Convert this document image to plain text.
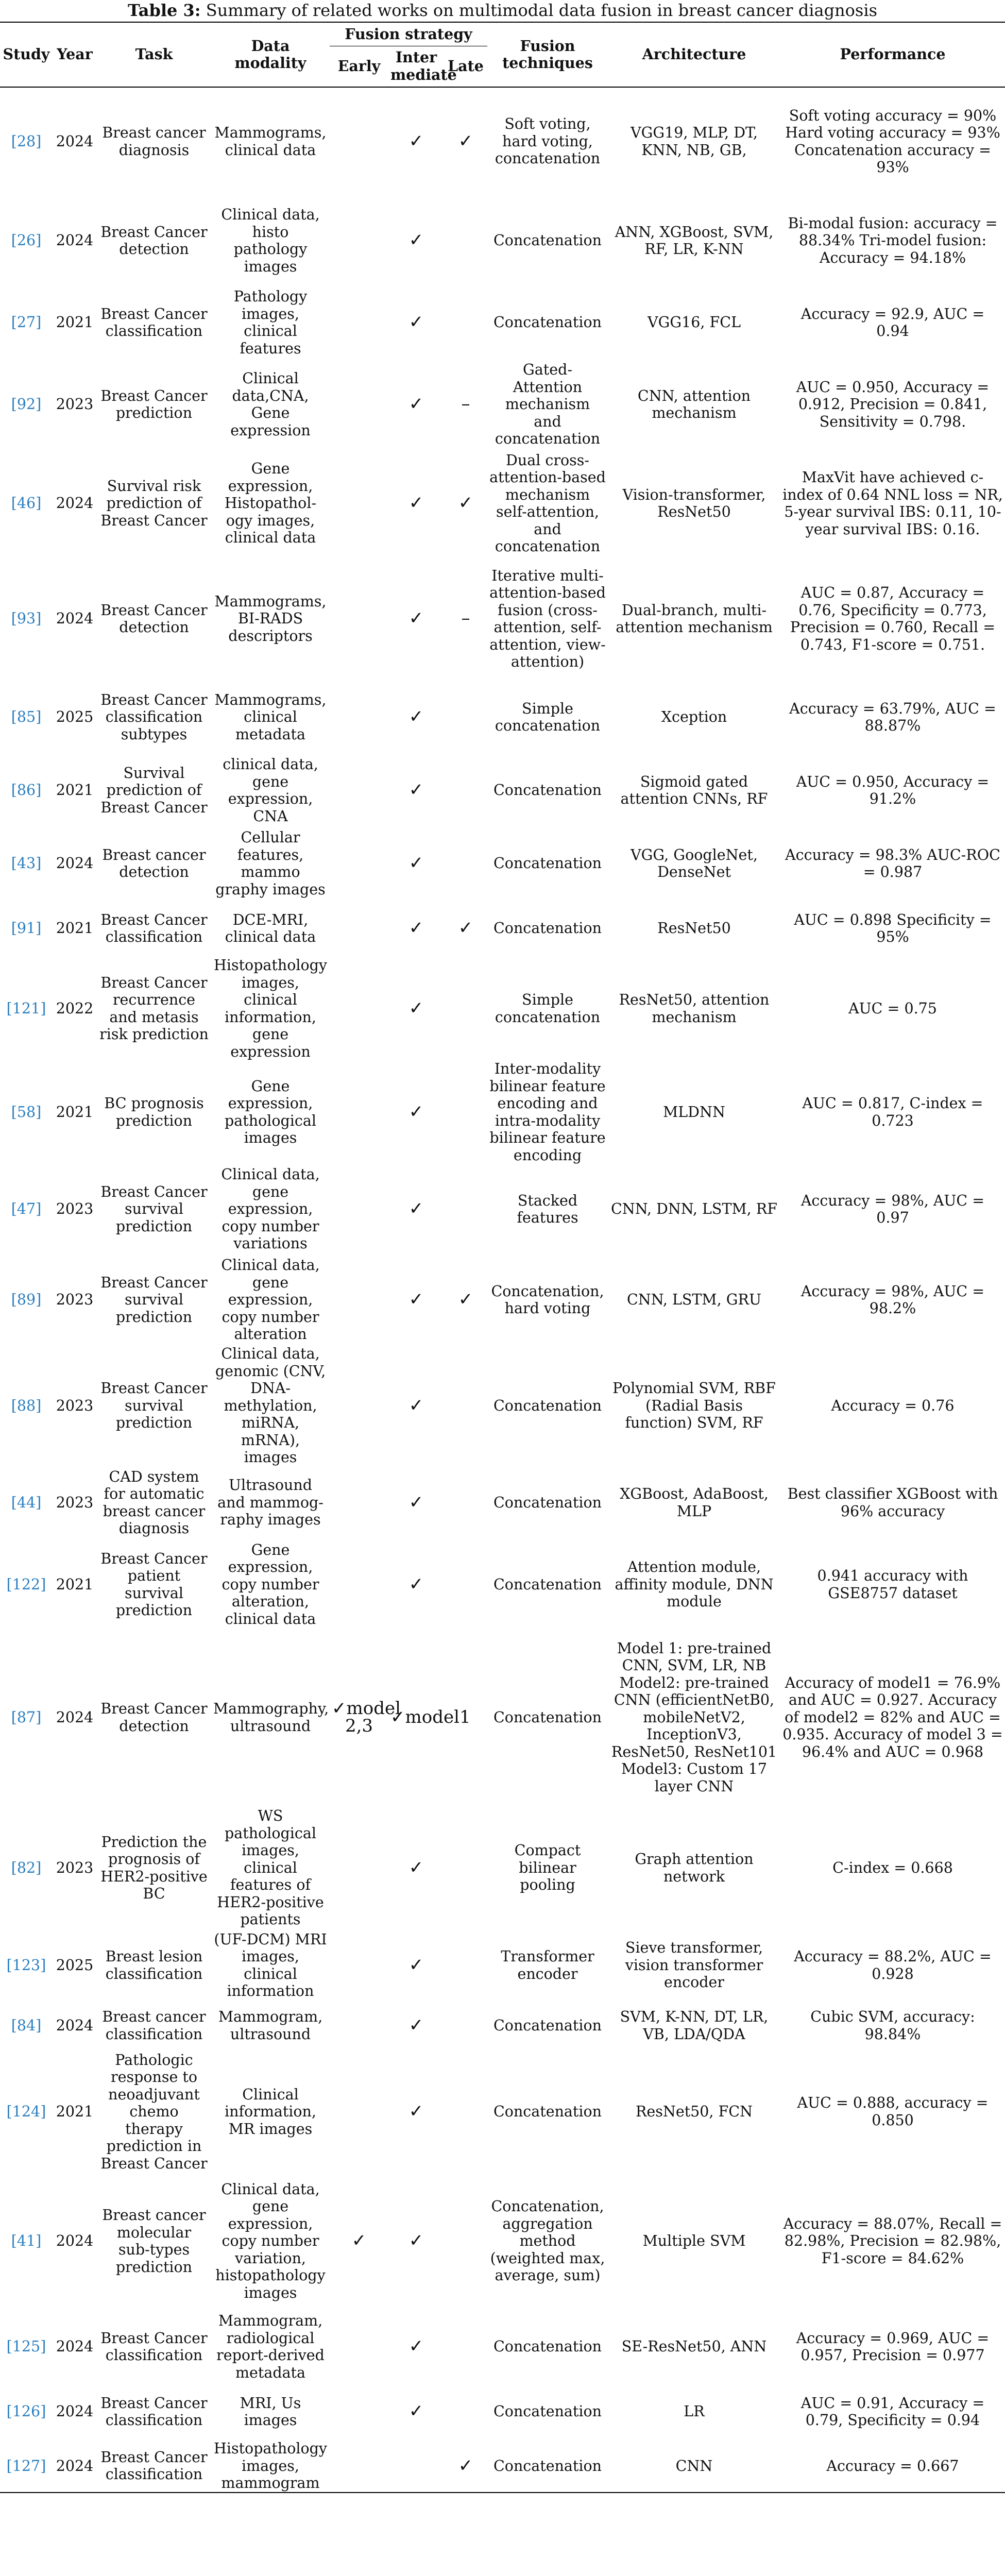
Table 3: Summary of related works on multimodal data fusion in breast cancer diagnosis
Study	Year	Task	Data modality	Fusion strategy			Fusion techniques	Architecture	Performance
				Early	Inter mediate	Late			
[28]	2024	Breast cancer diagnosis	Mammograms, clinical data		✓	✓	Soft voting, hard voting, concatenation	VGG19, MLP, DT, KNN, NB, GB,	Soft voting accuracy = 90% Hard voting accuracy = 93% Concatenation accuracy = 93%
[26]	2024	Breast Cancer detection	Clinical data, histo pathology images		✓		Concatenation	ANN, XGBoost, SVM, RF, LR, K-NN	Bi-modal fusion: accuracy = 88.34% Tri-model fusion: Accuracy = 94.18%
[27]	2021	Breast Cancer classification	Pathology images, clinical features		✓		Concatenation	VGG16, FCL	Accuracy = 92.9, AUC = 0.94
[92]	2023	Breast Cancer prediction	Clinical data,CNA, Gene expression		✓	–	Gated-Attention mechanism and concatenation	CNN, attention mechanism	AUC = 0.950, Accuracy = 0.912, Precision = 0.841, Sensitivity = 0.798.
[46]	2024	Survival risk prediction of Breast Cancer	Gene expression, Histopathol-ogy images, clinical data		✓	✓	Dual cross-attention-based mechanism self-attention, and concatenation	Vision-transformer, ResNet50	MaxVit have achieved c-index of 0.64 NNL loss = NR, 5-year survival IBS: 0.11, 10-year survival IBS: 0.16.
[93]	2024	Breast Cancer detection	Mammograms, BI-RADS descriptors		✓	–	Iterative multi-attention-based fusion (cross-attention, self-attention, view-attention)	Dual-branch, multi-attention mechanism	AUC = 0.87, Accuracy = 0.76, Specificity = 0.773, Precision = 0.760, Recall = 0.743, F1-score = 0.751.
[85]	2025	Breast Cancer classification subtypes	Mammograms, clinical metadata		✓		Simple concatenation	Xception	Accuracy = 63.79%, AUC = 88.87%
[86]	2021	Survival prediction of Breast Cancer	clinical data, gene expression, CNA		✓		Concatenation	Sigmoid gated attention CNNs, RF	AUC = 0.950, Accuracy = 91.2%
[43]	2024	Breast cancer detection	Cellular features, mammo graphy images		✓		Concatenation	VGG, GoogleNet, DenseNet	Accuracy = 98.3% AUC-ROC = 0.987
[91]	2021	Breast Cancer classification	DCE-MRI, clinical data		✓	✓	Concatenation	ResNet50	AUC = 0.898 Specificity = 95%
[121]	2022	Breast Cancer recurrence and metasis risk prediction	Histopathology images, clinical information, gene expression		✓		Simple concatenation	ResNet50, attention mechanism	AUC = 0.75
[58]	2021	BC prognosis prediction	Gene expression, pathological images		✓		Inter-modality bilinear feature encoding and intra-modality bilinear feature encoding	MLDNN	AUC = 0.817, C-index = 0.723
[47]	2023	Breast Cancer survival prediction	Clinical data, gene expression, copy number variations		✓		Stacked features	CNN, DNN, LSTM, RF	Accuracy = 98%, AUC = 0.97
[89]	2023	Breast Cancer survival prediction	Clinical data, gene expression, copy number alteration		✓	✓	Concatenation, hard voting	CNN, LSTM, GRU	Accuracy = 98%, AUC = 98.2%
[88]	2023	Breast Cancer survival prediction	Clinical data, genomic (CNV, DNA-methylation, miRNA, mRNA), images		✓		Concatenation	Polynomial SVM, RBF (Radial Basis function) SVM, RF	Accuracy = 0.76
[44]	2023	CAD system for automatic breast cancer diagnosis	Ultrasound and mammog-raphy images		✓		Concatenation	XGBoost, AdaBoost, MLP	Best classifier XGBoost with 96% accuracy
[122]	2021	Breast Cancer patient survival prediction	Gene expression, copy number alteration, clinical data		✓		Concatenation	Attention module, affinity module, DNN module	0.941 accuracy with GSE8757 dataset
[87]	2024	Breast Cancer detection	Mammography, ultrasound	✓model 2,3	✓model1		Concatenation	Model 1: pre-trained CNN, SVM, LR, NB Model2: pre-trained CNN (efficientNetB0, mobileNetV2, InceptionV3, ResNet50, ResNet101 Model3: Custom 17 layer CNN	Accuracy of model1 = 76.9% and AUC = 0.927. Accuracy of model2 = 82% and AUC = 0.935. Accuracy of model 3 = 96.4% and AUC = 0.968
[82]	2023	Prediction the prognosis of HER2-positive BC	WS pathological images, clinical features of HER2-positive patients		✓		Compact bilinear pooling	Graph attention network	C-index = 0.668
[123]	2025	Breast lesion classification	(UF-DCM) MRI images, clinical information		✓		Transformer encoder	Sieve transformer, vision transformer encoder	Accuracy = 88.2%, AUC = 0.928
[84]	2024	Breast cancer classification	Mammogram, ultrasound		✓		Concatenation	SVM, K-NN, DT, LR, VB, LDA/QDA	Cubic SVM, accuracy: 98.84%
[124]	2021	Pathologic response to neoadjuvant chemo therapy prediction in Breast Cancer	Clinical information, MR images		✓		Concatenation	ResNet50, FCN	AUC = 0.888, accuracy = 0.850
[41]	2024	Breast cancer molecular sub-types prediction	Clinical data, gene expression, copy number variation, histopathology images	✓	✓		Concatenation, aggregation method (weighted max, average, sum)	Multiple SVM	Accuracy = 88.07%, Recall = 82.98%, Precision = 82.98%, F1-score = 84.62%
[125]	2024	Breast Cancer classification	Mammogram, radiological report-derived metadata		✓		Concatenation	SE-ResNet50, ANN	Accuracy = 0.969, AUC = 0.957, Precision = 0.977
[126]	2024	Breast Cancer classification	MRI, Us images		✓		Concatenation	LR	AUC = 0.91, Accuracy = 0.79, Specificity = 0.94
[127]	2024	Breast Cancer classification	Histopathology images, mammogram			✓	Concatenation	CNN	Accuracy = 0.667
